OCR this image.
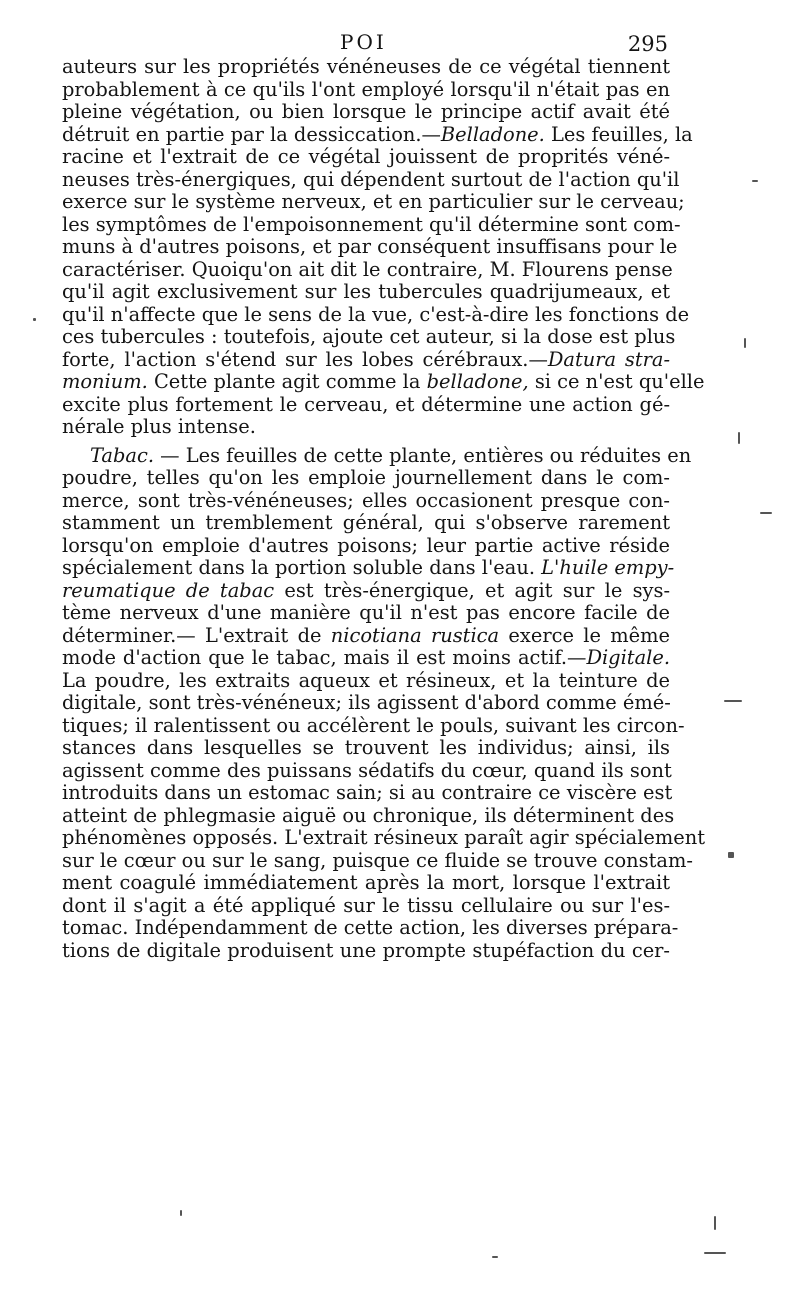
POI	295
auteurs sur les propriétés vénéneuses de ce végétal tiennent
probablement à ce qu'ils l'ont employé lorsqu'il n'était pas en
pleine végétation, ou bien lorsque le principe actif avait été
détruit en partie par la dessiccation.—Belladone. Les feuilles, la
racine et l'extrait de ce végétal jouissent de proprités véné-
neuses très-énergiques, qui dépendent surtout de l'action qu'il
exerce sur le système nerveux, et en particulier sur le cerveau;
les symptômes de l'empoisonnement qu'il détermine sont com-
muns à d'autres poisons, et par conséquent insuffisans pour le
caractériser. Quoiqu'on ait dit le contraire, M. Flourens pense
qu'il agit exclusivement sur les tubercules quadrijumeaux, et
qu'il n'affecte que le sens de la vue, c'est-à-dire les fonctions de
ces tubercules : toutefois, ajoute cet auteur, si la dose est plus
forte, l'action s'étend sur les lobes cérébraux.—Datura stra-
monium. Cette plante agit comme la belladone, si ce n'est qu'elle
excite plus fortement le cerveau, et détermine une action gé-
nérale plus intense.
Tabac. — Les feuilles de cette plante, entières ou réduites en
poudre, telles qu'on les emploie journellement dans le com-
merce, sont très-vénéneuses; elles occasionent presque con-
stamment un tremblement général, qui s'observe rarement
lorsqu'on emploie d'autres poisons; leur partie active réside
spécialement dans la portion soluble dans l'eau. L'huile empy-
reumatique de tabac est très-énergique, et agit sur le sys-
tème nerveux d'une manière qu'il n'est pas encore facile de
déterminer.— L'extrait de nicotiana rustica exerce le même
mode d'action que le tabac, mais il est moins actif.—Digitale.
La poudre, les extraits aqueux et résineux, et la teinture de
digitale, sont très-vénéneux; ils agissent d'abord comme émé-
tiques; il ralentissent ou accélèrent le pouls, suivant les circon-
stances dans lesquelles se trouvent les individus; ainsi, ils
agissent comme des puissans sédatifs du cœur, quand ils sont
introduits dans un estomac sain; si au contraire ce viscère est
atteint de phlegmasie aiguë ou chronique, ils déterminent des
phénomènes opposés. L'extrait résineux paraît agir spécialement
sur le cœur ou sur le sang, puisque ce fluide se trouve constam-
ment coagulé immédiatement après la mort, lorsque l'extrait
dont il s'agit a été appliqué sur le tissu cellulaire ou sur l'es-
tomac. Indépendamment de cette action, les diverses prépara-
tions de digitale produisent une prompte stupéfaction du cer-
